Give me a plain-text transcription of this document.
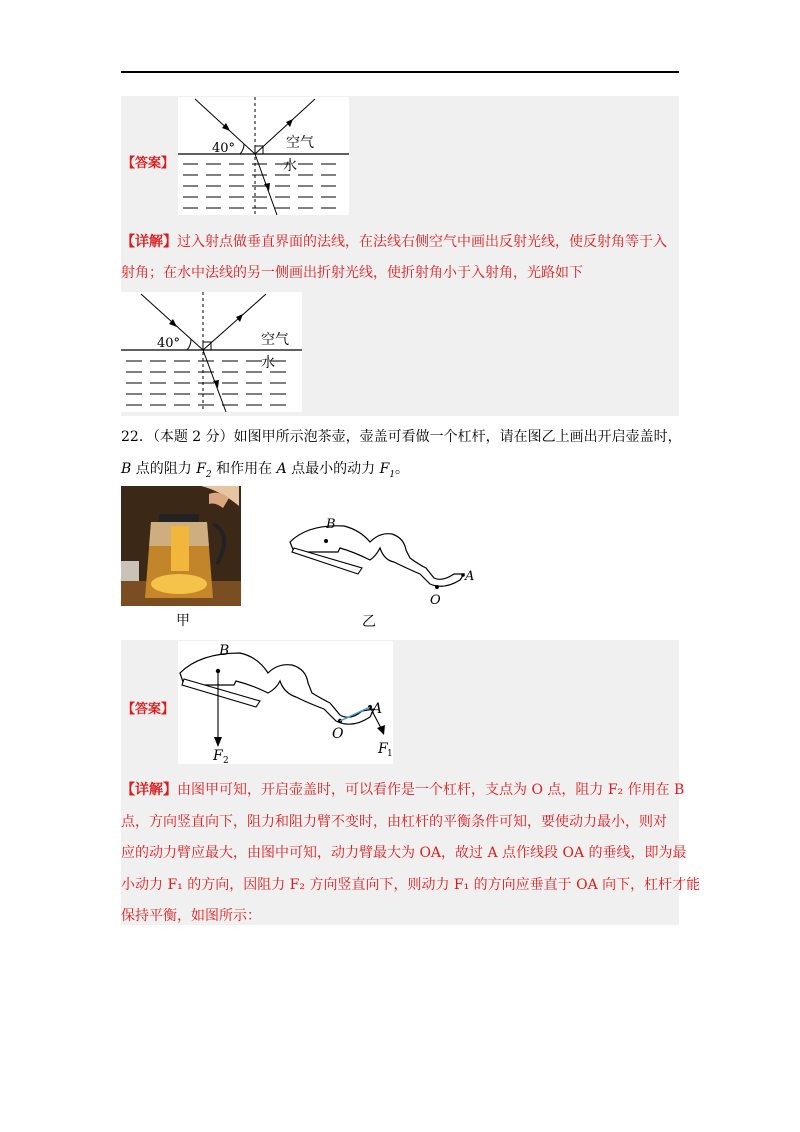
【答案】
40°	空气
水
【详解】过入射点做垂直界面的法线，在法线右侧空气中画出反射光线，使反射角等于入
射角；在水中法线的另一侧画出折射光线，使折射角小于入射角，光路如下
40°	空气
水
22．（本题 2 分）如图甲所示泡茶壶，壶盖可看做一个杠杆，请在图乙上画出开启壶盖时，
B 点的阻力 $F_2$ 和作用在 A 点最小的动力 $F_1$。
甲
B
A
O
乙
【答案】
B
A
O
F 2
F 1
【详解】由图甲可知，开启壶盖时，可以看作是一个杠杆，支点为 O 点，阻力 F₂ 作用在 B
点，方向竖直向下，阻力和阻力臂不变时，由杠杆的平衡条件可知，要使动力最小，则对
应的动力臂应最大，由图中可知，动力臂最大为 OA，故过 A 点作线段 OA 的垂线，即为最
小动力 F₁ 的方向，因阻力 F₂ 方向竖直向下，则动力 F₁ 的方向应垂直于 OA 向下，杠杆才能
保持平衡，如图所示：
